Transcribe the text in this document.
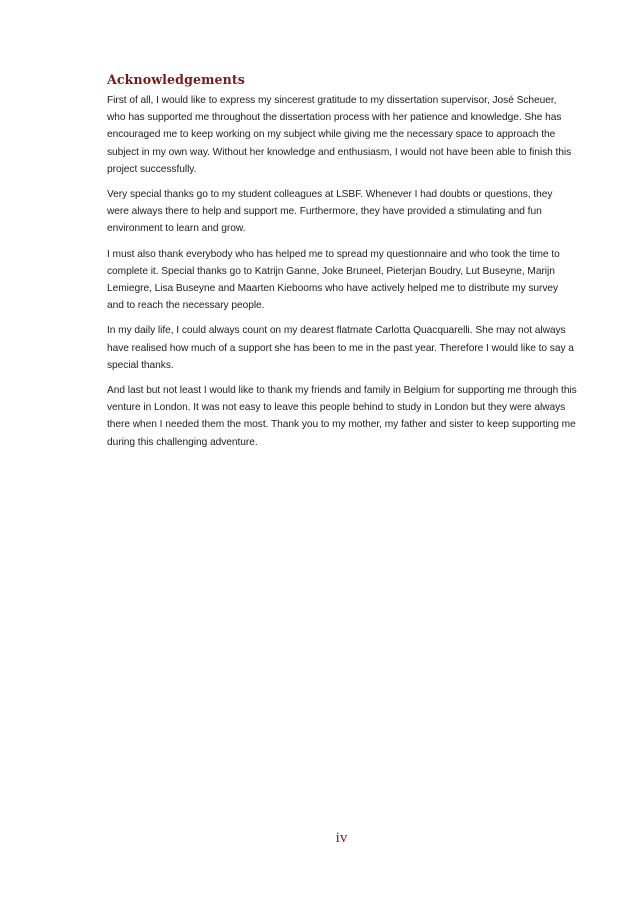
Acknowledgements

First of all, I would like to express my sincerest gratitude to my dissertation supervisor, José Scheuer, who has supported me throughout the dissertation process with her patience and knowledge. She has encouraged me to keep working on my subject while giving me the necessary space to approach the subject in my own way. Without her knowledge and enthusiasm, I would not have been able to finish this project successfully.

Very special thanks go to my student colleagues at LSBF. Whenever I had doubts or questions, they were always there to help and support me. Furthermore, they have provided a stimulating and fun environment to learn and grow.

I must also thank everybody who has helped me to spread my questionnaire and who took the time to complete it. Special thanks go to Katrijn Ganne, Joke Bruneel, Pieterjan Boudry, Lut Buseyne, Marijn Lemiegre, Lisa Buseyne and Maarten Kiebooms who have actively helped me to distribute my survey and to reach the necessary people.

In my daily life, I could always count on my dearest flatmate Carlotta Quacquarelli. She may not always have realised how much of a support she has been to me in the past year. Therefore I would like to say a special thanks.

And last but not least I would like to thank my friends and family in Belgium for supporting me through this venture in London. It was not easy to leave this people behind to study in London but they were always there when I needed them the most. Thank you to my mother, my father and sister to keep supporting me during this challenging adventure.

iv
